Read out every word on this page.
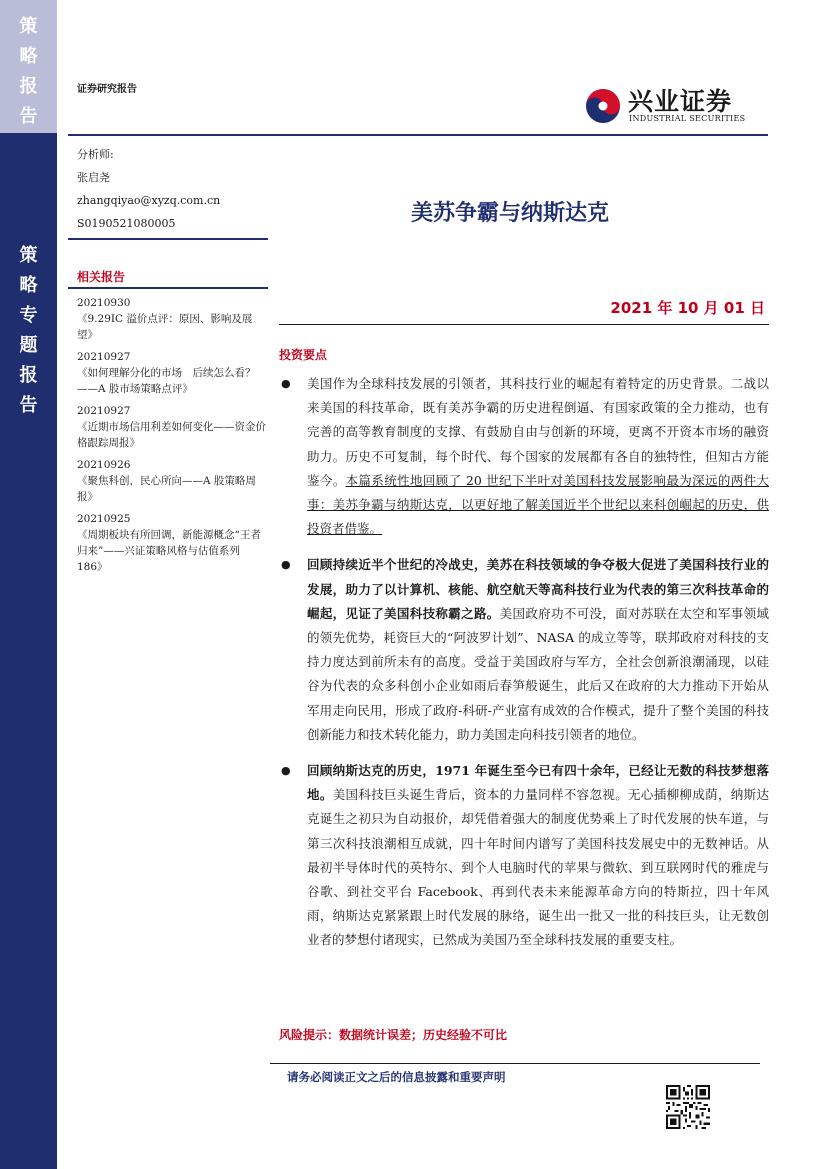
策
略
报
告
策
略
专
题
报
告
证券研究报告	兴业证券
INDUSTRIAL SECURITIES
分析师:
张启尧
zhangqiyao@xyzq.com.cn
S0190521080005	美苏争霸与纳斯达克
相关报告
20210930
《9.29IC 溢价点评：原因、影响及展望》
20210927
《如何理解分化的市场　后续怎么看？——A 股市场策略点评》
20210927
《近期市场信用利差如何变化——资金价格跟踪周报》
20210926
《聚焦科创，民心所向——A 股策略周报》
20210925
《周期板块有所回调，新能源概念“王者归来”——兴证策略风格与估值系列 186》
2021 年 10 月 01 日
投资要点
● 美国作为全球科技发展的引领者，其科技行业的崛起有着特定的历史背景。二战以来美国的科技革命，既有美苏争霸的历史进程倒逼、有国家政策的全力推动，也有完善的高等教育制度的支撑、有鼓励自由与创新的环境，更离不开资本市场的融资助力。历史不可复制，每个时代、每个国家的发展都有各自的独特性，但知古方能鉴今。本篇系统性地回顾了 20 世纪下半叶对美国科技发展影响最为深远的两件大事：美苏争霸与纳斯达克，以更好地了解美国近半个世纪以来科创崛起的历史，供投资者借鉴。
● 回顾持续近半个世纪的冷战史，美苏在科技领域的争夺极大促进了美国科技行业的发展，助力了以计算机、核能、航空航天等高科技行业为代表的第三次科技革命的崛起，见证了美国科技称霸之路。美国政府功不可没，面对苏联在太空和军事领域的领先优势，耗资巨大的“阿波罗计划”、NASA 的成立等等，联邦政府对科技的支持力度达到前所未有的高度。受益于美国政府与军方，全社会创新浪潮涌现，以硅谷为代表的众多科创小企业如雨后春笋般诞生，此后又在政府的大力推动下开始从军用走向民用，形成了政府-科研-产业富有成效的合作模式，提升了整个美国的科技创新能力和技术转化能力，助力美国走向科技引领者的地位。
● 回顾纳斯达克的历史，1971 年诞生至今已有四十余年，已经让无数的科技梦想落地。美国科技巨头诞生背后，资本的力量同样不容忽视。无心插柳柳成荫，纳斯达克诞生之初只为自动报价，却凭借着强大的制度优势乘上了时代发展的快车道，与第三次科技浪潮相互成就，四十年时间内谱写了美国科技发展史中的无数神话。从最初半导体时代的英特尔、到个人电脑时代的苹果与微软、到互联网时代的雅虎与谷歌、到社交平台 Facebook、再到代表未来能源革命方向的特斯拉，四十年风雨，纳斯达克紧紧跟上时代发展的脉络，诞生出一批又一批的科技巨头，让无数创业者的梦想付诸现实，已然成为美国乃至全球科技发展的重要支柱。
风险提示：数据统计误差；历史经验不可比
请务必阅读正文之后的信息披露和重要声明
